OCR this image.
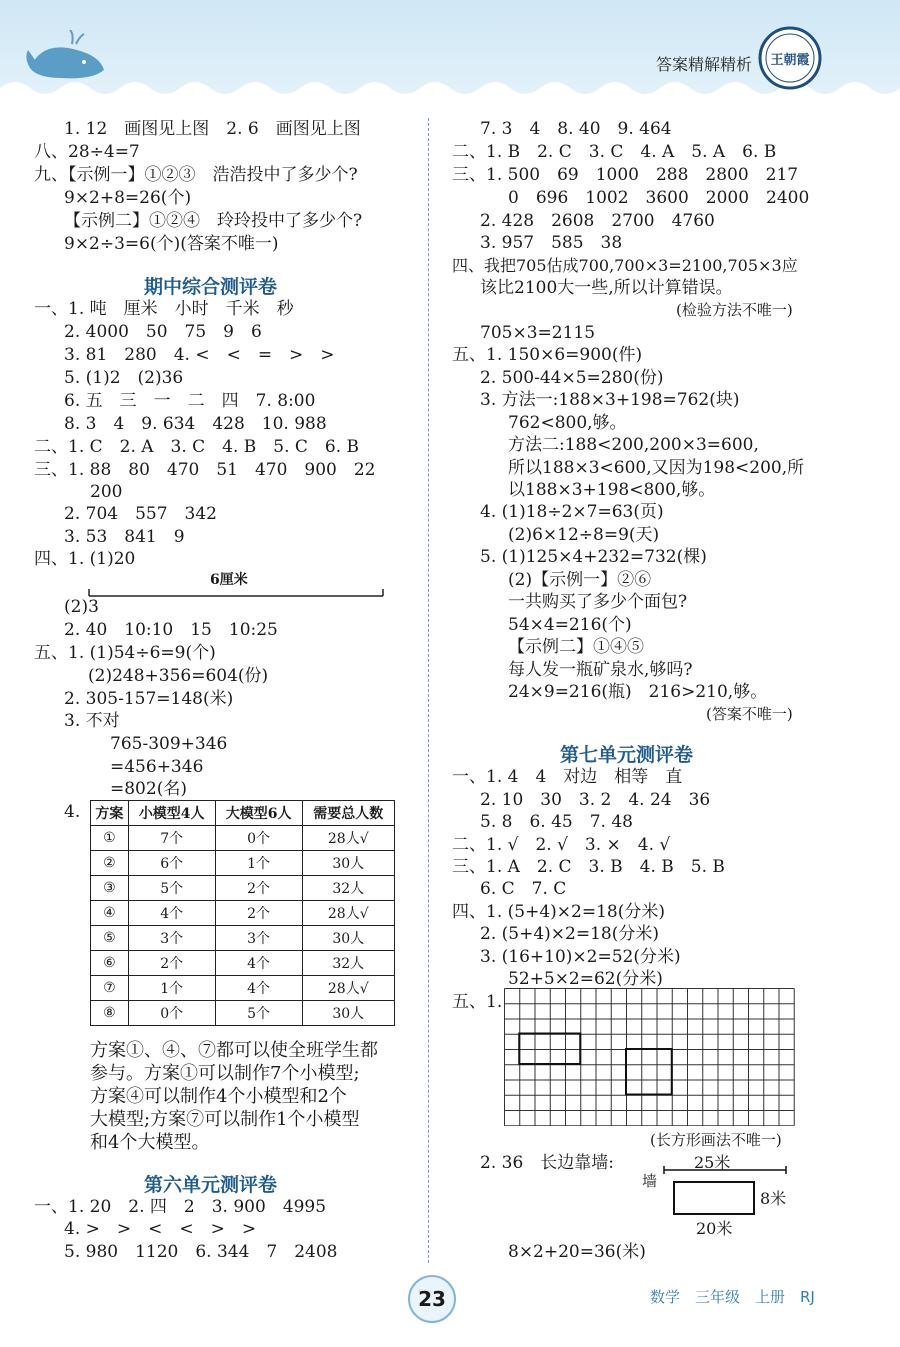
答案精解精析 王朝霞
1. 12　画图见上图　2. 6　画图见上图
八、28÷4=7
九、【示例一】①②③　浩浩投中了多少个?
9×2+8=26(个)
【示例二】①②④　玲玲投中了多少个?
9×2÷3=6(个)(答案不唯一)
期中综合测评卷
一、1. 吨　厘米　小时　千米　秒
2. 4000　50　75　9　6
3. 81　280　4. <　<　=　>　>
5. (1)2　(2)36
6. 五　三　一　二　四　7. 8:00
8. 3　4　9. 634　428　10. 988
二、1. C　2. A　3. C　4. B　5. C　6. B
三、1. 88　80　470　51　470　900　22
200
2. 704　557　342
3. 53　841　9
四、1. (1)20
6厘米
(2)3
2. 40　10:10　15　10:25
五、1. (1)54÷6=9(个)
(2)248+356=604(份)
2. 305-157=148(米)
3. 不对
765-309+346
=456+346
=802(名)
4. 方案	小模型4人	大模型6人	需要总人数
①	7个	0个	28人√
②	6个	1个	30人
③	5个	2个	32人
④	4个	2个	28人√
⑤	3个	3个	30人
⑥	2个	4个	32人
⑦	1个	4个	28人√
⑧	0个	5个	30人
方案①、④、⑦都可以使全班学生都
参与。方案①可以制作7个小模型;
方案④可以制作4个小模型和2个
大模型;方案⑦可以制作1个小模型
和4个大模型。
第六单元测评卷
一、1. 20　2. 四　2　3. 900　4995
4. >　>　<　<　>　>
5. 980　1120　6. 344　7　2408
7. 3　4　8. 40　9. 464
二、1. B　2. C　3. C　4. A　5. A　6. B
三、1. 500　69　1000　288　2800　217
0　696　1002　3600　2000　2400
2. 428　2608　2700　4760
3. 957　585　38
四、我把705估成700,700×3=2100,705×3应
该比2100大一些,所以计算错误。
(检验方法不唯一)
705×3=2115
五、1. 150×6=900(件)
2. 500-44×5=280(份)
3. 方法一:188×3+198=762(块)
762<800,够。
方法二:188<200,200×3=600,
所以188×3<600,又因为198<200,所
以188×3+198<800,够。
4. (1)18÷2×7=63(页)
(2)6×12÷8=9(天)
5. (1)125×4+232=732(棵)
(2)【示例一】②⑥
一共购买了多少个面包?
54×4=216(个)
【示例二】①④⑤
每人发一瓶矿泉水,够吗?
24×9=216(瓶)　216>210,够。
(答案不唯一)
第七单元测评卷
一、1. 4　4　对边　相等　直
2. 10　30　3. 2　4. 24　36
5. 8　6. 45　7. 48
二、1. √　2. √　3. ×　4. √
三、1. A　2. C　3. B　4. B　5. B
6. C　7. C
四、1. (5+4)×2=18(分米)
2. (5+4)×2=18(分米)
3. (16+10)×2=52(分米)
52+5×2=62(分米)
五、1.
(长方形画法不唯一)
2. 36　长边靠墙:
墙
25米
8米
20米
8×2+20=36(米)
23	数学　三年级　上册　RJ
